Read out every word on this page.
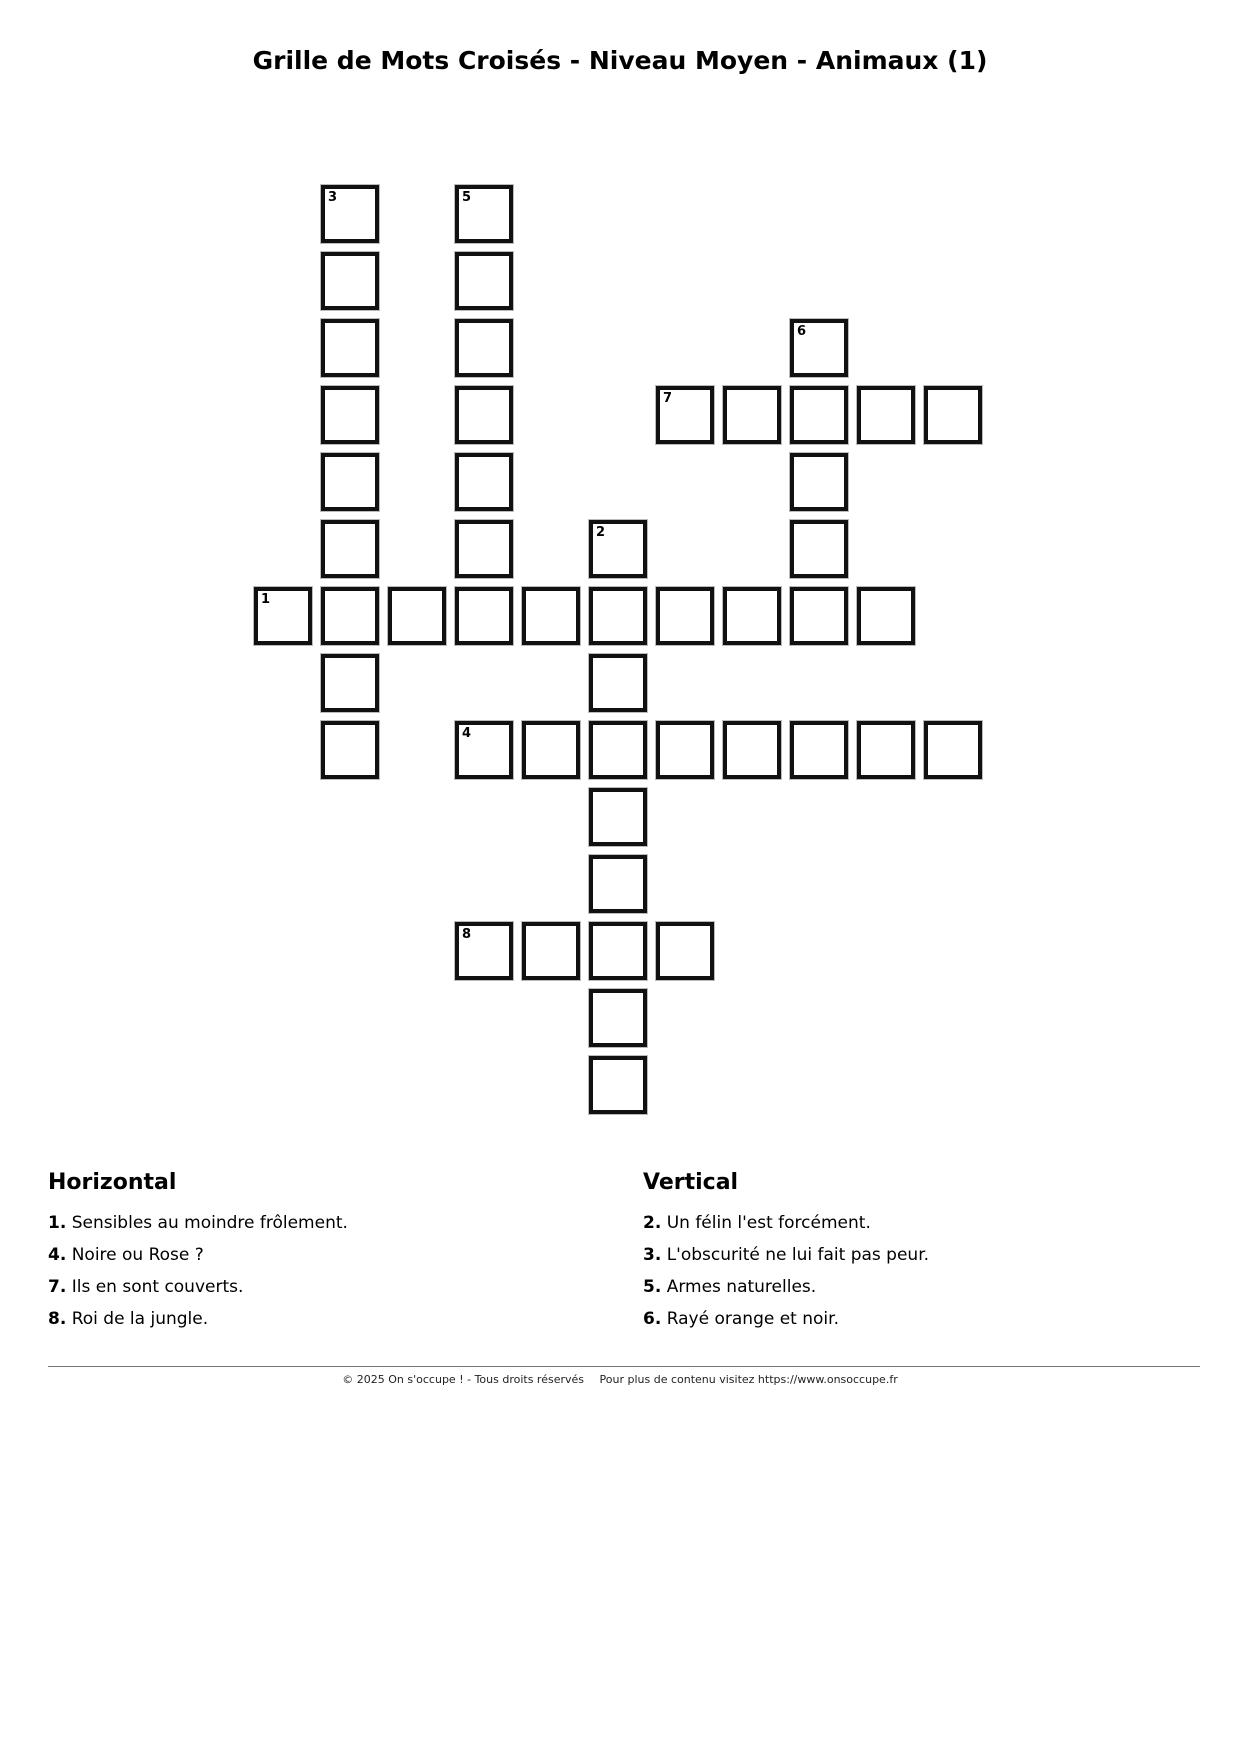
Grille de Mots Croisés - Niveau Moyen - Animaux (1)
1
4
7
8
2
3	5
6
Horizontal
1. Sensibles au moindre frôlement.
4. Noire ou Rose ?
7. Ils en sont couverts.
8. Roi de la jungle.
Vertical
2. Un félin l'est forcément.
3. L'obscurité ne lui fait pas peur.
5. Armes naturelles.
6. Rayé orange et noir.
© 2025 On s'occupe ! - Tous droits réservés Pour plus de contenu visitez https://www.onsoccupe.fr
